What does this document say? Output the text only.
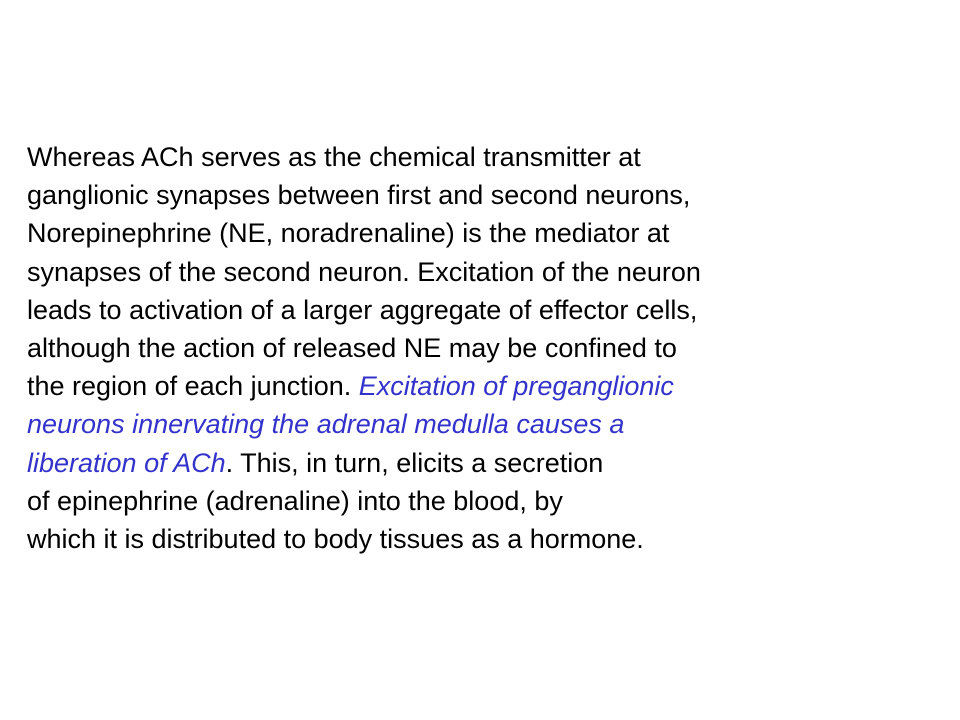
Whereas ACh serves as the chemical transmitter at
ganglionic synapses between first and second neurons,
Norepinephrine (NE, noradrenaline) is the mediator at
synapses of the second neuron. Excitation of the neuron
leads to activation of a larger aggregate of effector cells,
although the action of released NE may be confined to
the region of each junction. Excitation of preganglionic
neurons innervating the adrenal medulla causes a
liberation of ACh. This, in turn, elicits a secretion
of epinephrine (adrenaline) into the blood, by
which it is distributed to body tissues as a hormone.
